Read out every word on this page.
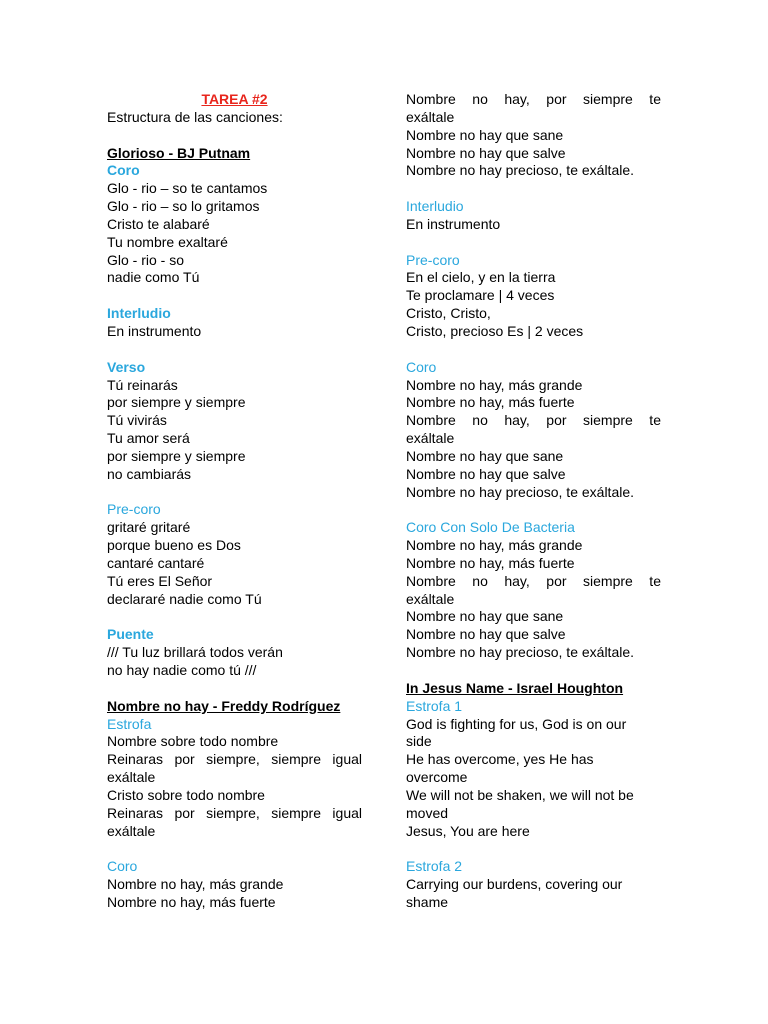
TAREA #2
Estructura de las canciones:
Glorioso - BJ Putnam
Coro
Glo - rio – so te cantamos
Glo - rio – so lo gritamos
Cristo te alabaré
Tu nombre exaltaré
Glo - rio - so
nadie como Tú
Interludio
En instrumento
Verso
Tú reinarás
por siempre y siempre
Tú vivirás
Tu amor será
por siempre y siempre
no cambiarás
Pre-coro
gritaré gritaré
porque bueno es Dos
cantaré cantaré
Tú eres El Señor
declararé nadie como Tú
Puente
/// Tu luz brillará todos verán
no hay nadie como tú ///
Nombre no hay - Freddy Rodríguez
Estrofa
Nombre sobre todo nombre
Reinaras por siempre, siempre igual
exáltale
Cristo sobre todo nombre
Reinaras por siempre, siempre igual
exáltale
Coro
Nombre no hay, más grande
Nombre no hay, más fuerte
Nombre no hay, por siempre te
exáltale
Nombre no hay que sane
Nombre no hay que salve
Nombre no hay precioso, te exáltale.
Interludio
En instrumento
Pre-coro
En el cielo, y en la tierra
Te proclamare | 4 veces
Cristo, Cristo,
Cristo, precioso Es | 2 veces
Coro
Nombre no hay, más grande
Nombre no hay, más fuerte
Nombre no hay, por siempre te
exáltale
Nombre no hay que sane
Nombre no hay que salve
Nombre no hay precioso, te exáltale.
Coro Con Solo De Bacteria
Nombre no hay, más grande
Nombre no hay, más fuerte
Nombre no hay, por siempre te
exáltale
Nombre no hay que sane
Nombre no hay que salve
Nombre no hay precioso, te exáltale.
In Jesus Name - Israel Houghton
Estrofa 1
God is fighting for us, God is on our
side
He has overcome, yes He has
overcome
We will not be shaken, we will not be
moved
Jesus, You are here
Estrofa 2
Carrying our burdens, covering our
shame
